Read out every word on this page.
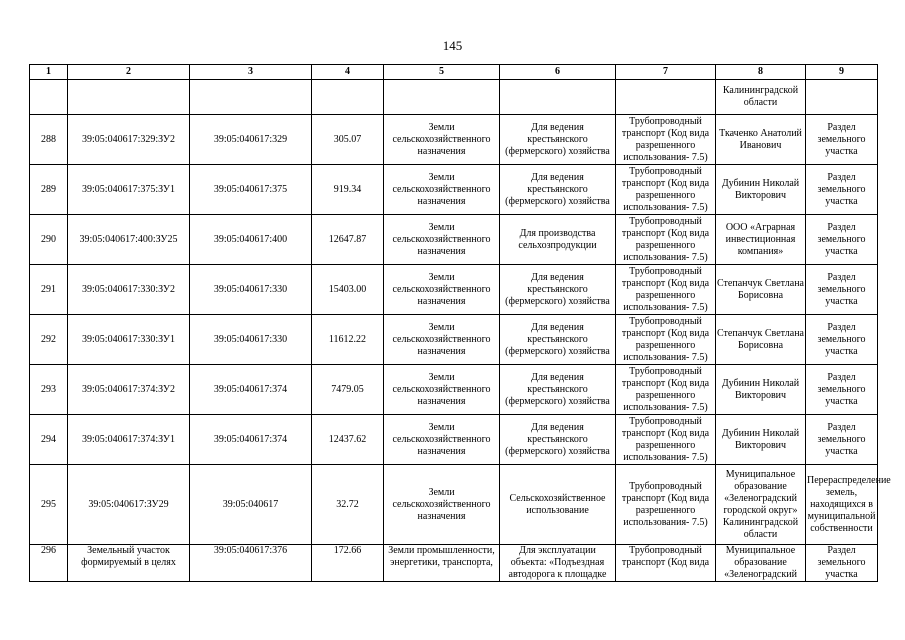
145
1	2	3	4	5	6	7	8	9
							Калининградской области	
288	39:05:040617:329:ЗУ2	39:05:040617:329	305.07	Земли сельскохозяйственного назначения	Для ведения крестьянского (фермерского) хозяйства	Трубопроводный транспорт (Код вида разрешенного использования- 7.5)	Ткаченко Анатолий Иванович	Раздел земельного участка
289	39:05:040617:375:ЗУ1	39:05:040617:375	919.34	Земли сельскохозяйственного назначения	Для ведения крестьянского (фермерского) хозяйства	Трубопроводный транспорт (Код вида разрешенного использования- 7.5)	Дубинин Николай Викторович	Раздел земельного участка
290	39:05:040617:400:ЗУ25	39:05:040617:400	12647.87	Земли сельскохозяйственного назначения	Для производства сельхозпродукции	Трубопроводный транспорт (Код вида разрешенного использования- 7.5)	ООО «Аграрная инвестиционная компания»	Раздел земельного участка
291	39:05:040617:330:ЗУ2	39:05:040617:330	15403.00	Земли сельскохозяйственного назначения	Для ведения крестьянского (фермерского) хозяйства	Трубопроводный транспорт (Код вида разрешенного использования- 7.5)	Степанчук Светлана Борисовна	Раздел земельного участка
292	39:05:040617:330:ЗУ1	39:05:040617:330	11612.22	Земли сельскохозяйственного назначения	Для ведения крестьянского (фермерского) хозяйства	Трубопроводный транспорт (Код вида разрешенного использования- 7.5)	Степанчук Светлана Борисовна	Раздел земельного участка
293	39:05:040617:374:ЗУ2	39:05:040617:374	7479.05	Земли сельскохозяйственного назначения	Для ведения крестьянского (фермерского) хозяйства	Трубопроводный транспорт (Код вида разрешенного использования- 7.5)	Дубинин Николай Викторович	Раздел земельного участка
294	39:05:040617:374:ЗУ1	39:05:040617:374	12437.62	Земли сельскохозяйственного назначения	Для ведения крестьянского (фермерского) хозяйства	Трубопроводный транспорт (Код вида разрешенного использования- 7.5)	Дубинин Николай Викторович	Раздел земельного участка
295	39:05:040617:ЗУ29	39:05:040617	32.72	Земли сельскохозяйственного назначения	Сельскохозяйственное использование	Трубопроводный транспорт (Код вида разрешенного использования- 7.5)	Муниципальное образование «Зеленоградский городской округ» Калининградской области	Перераспределение земель, находящихся в муниципальной собственности
296	Земельный участок формируемый в целях	39:05:040617:376	172.66	Земли промышленности, энергетики, транспорта,	Для эксплуатации объекта: «Подъездная автодорога к площадке	Трубопроводный транспорт (Код вида	Муниципальное образование «Зеленоградский	Раздел земельного участка
